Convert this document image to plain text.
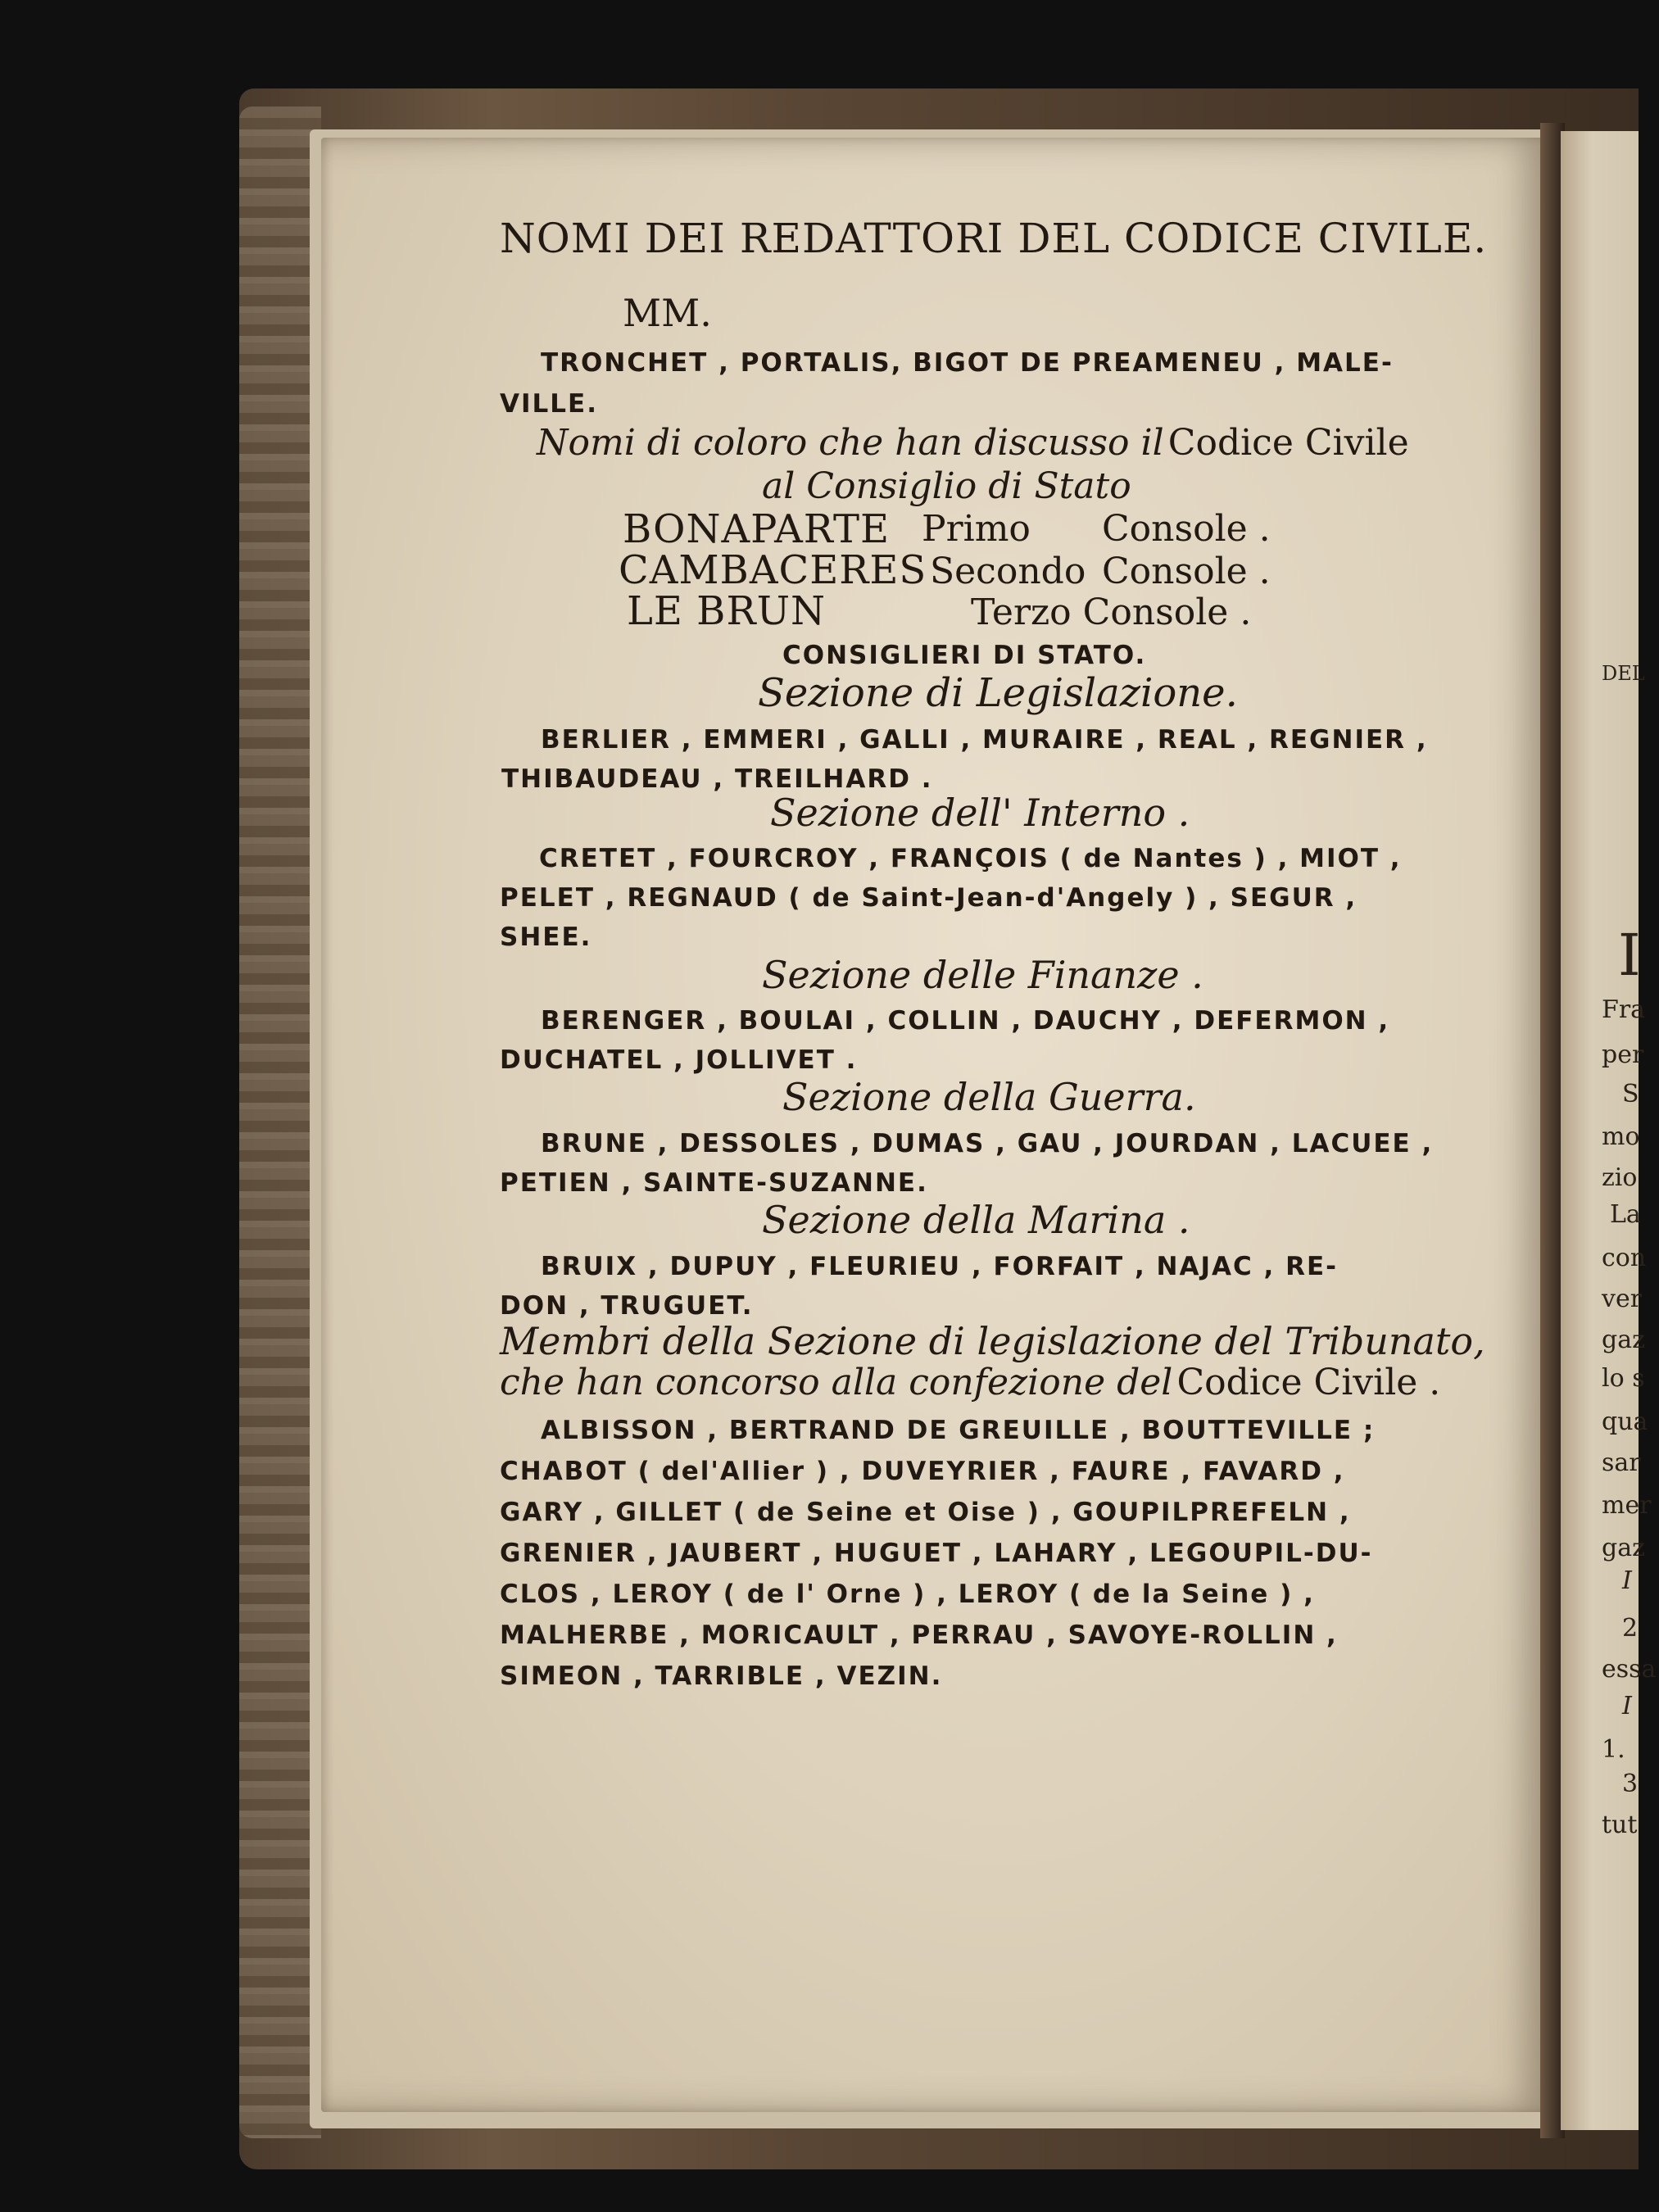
NOMI DEI REDATTORI DEL CODICE CIVILE.
MM.
TRONCHET , PORTALIS, BIGOT DE PREAMENEU , MALE-
VILLE.
Nomi di coloro che han discusso il Codice Civile
al Consiglio di Stato
BONAPARTE Primo Console .
CAMBACERES Secondo Console .
LE BRUN	Terzo Console .
CONSIGLIERI DI STATO.
Sezione di Legislazione.
BERLIER , EMMERI , GALLI , MURAIRE , REAL , REGNIER ,
THIBAUDEAU , TREILHARD .
Sezione dell' Interno .
CRETET , FOURCROY , FRANÇOIS ( de Nantes ) , MIOT ,
PELET , REGNAUD ( de Saint-Jean-d'Angely ) , SEGUR ,
SHEE.
Sezione delle Finanze .
BERENGER , BOULAI , COLLIN , DAUCHY , DEFERMON ,
DUCHATEL , JOLLIVET .
Sezione della Guerra.
BRUNE , DESSOLES , DUMAS , GAU , JOURDAN , LACUEE ,
PETIEN , SAINTE-SUZANNE.
Sezione della Marina .
BRUIX , DUPUY , FLEURIEU , FORFAIT , NAJAC , RE-
DON , TRUGUET.
Membri della Sezione di legislazione del Tribunato,
che han concorso alla confezione del Codice Civile .
ALBISSON , BERTRAND DE GREUILLE , BOUTTEVILLE ;
CHABOT ( del'Allier ) , DUVEYRIER , FAURE , FAVARD ,
GARY , GILLET ( de Seine et Oise ) , GOUPILPREFELN ,
GRENIER , JAUBERT , HUGUET , LAHARY , LEGOUPIL-DU-
CLOS , LEROY ( de l' Orne ) , LEROY ( de la Seine ) ,
MALHERBE , MORICAULT , PERRAU , SAVOYE-ROLLIN ,
SIMEON , TARRIBLE , VEZIN.
DEL
I
Fra
per
S
mo
zio
La
con
ver
gaz
lo s
qua
sar
mer
gaz
I
2
essa
I
1.
3
tut
